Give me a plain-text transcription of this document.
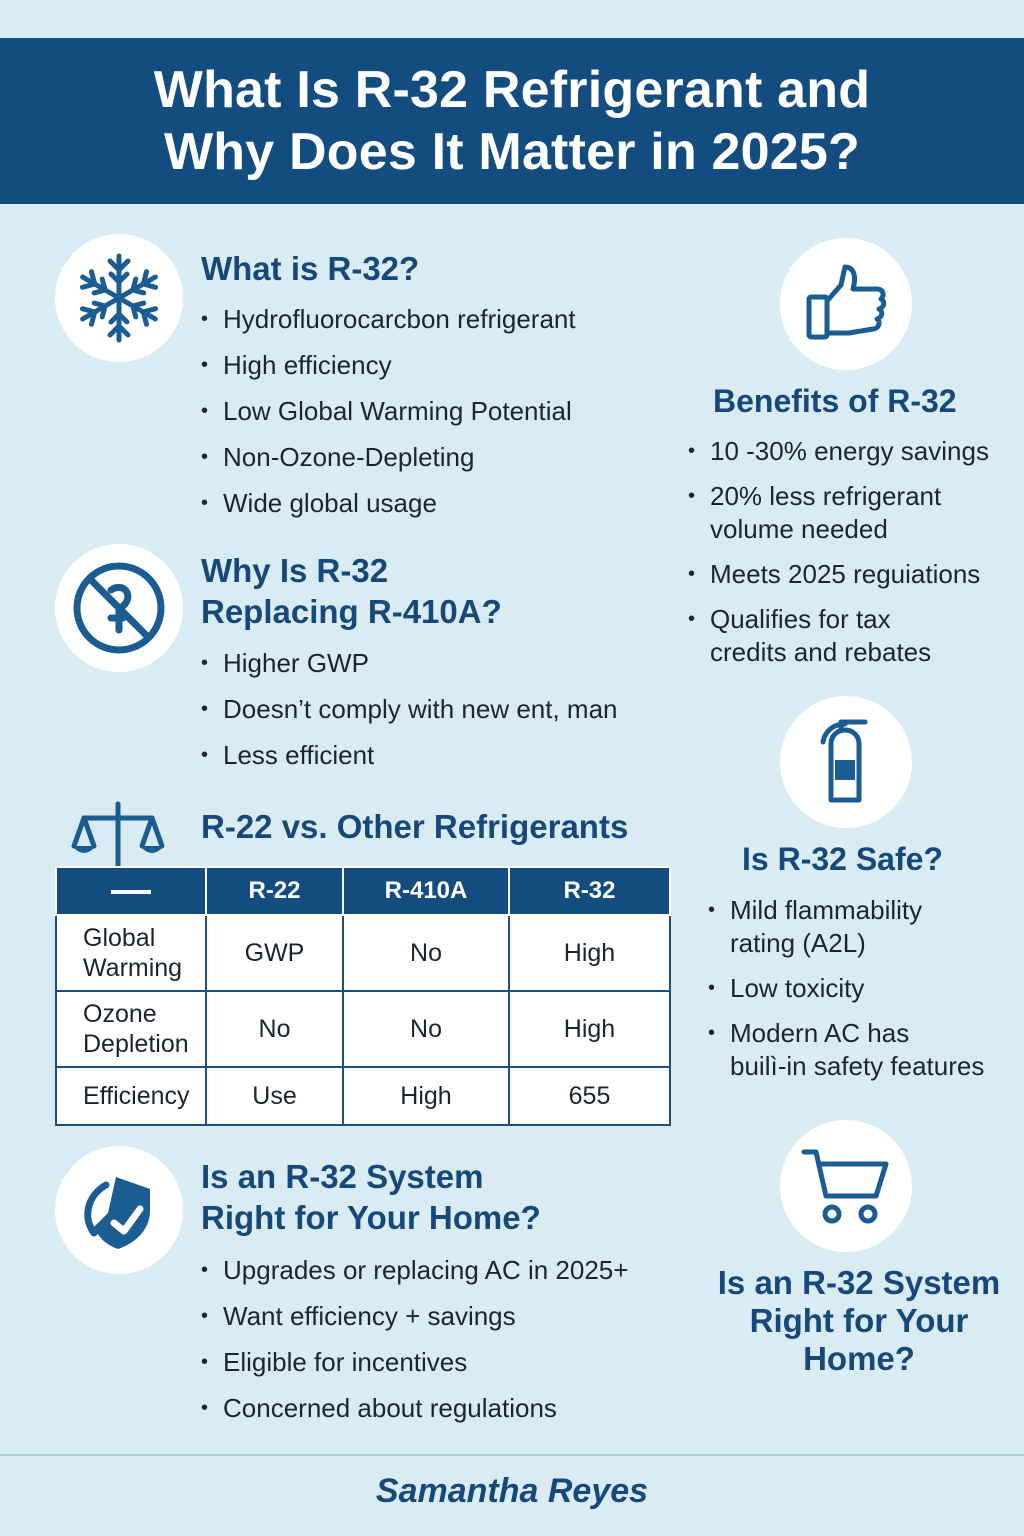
What Is R-32 Refrigerant and
Why Does It Matter in 2025?
What is R-32?
• Hydrofluorocarcbon refrigerant
• High efficiency
• Low Global Warming Potential
• Non-Ozone-Depleting
• Wide global usage
Why Is R-32
Replacing R-410A?
• Higher GWP
• Doesn’t comply with new ent, man
• Less efficient
R-22 vs. Other Refrigerants
	R-22	R-410A	R-32
Global
Warming	GWP	No	High
Ozone
Depletion	No	No	High
Efficiency	Use	High	655
Is an R-32 System
Right for Your Home?
• Upgrades or replacing AC in 2025+
• Want efficiency + savings
• Eligible for incentives
• Concerned about regulations
Benefits of R-32
• 10 -30% energy savings
• 20% less refrigerant
volume needed
• Meets 2025 reguiations
• Qualifies for tax
credits and rebates
Is R-32 Safe?
• Mild flammability
rating (A2L)
• Low toxicity
• Modern AC has
builì-in safety features
Is an R-32 System
Right for Your
Home?
Samantha Reyes
